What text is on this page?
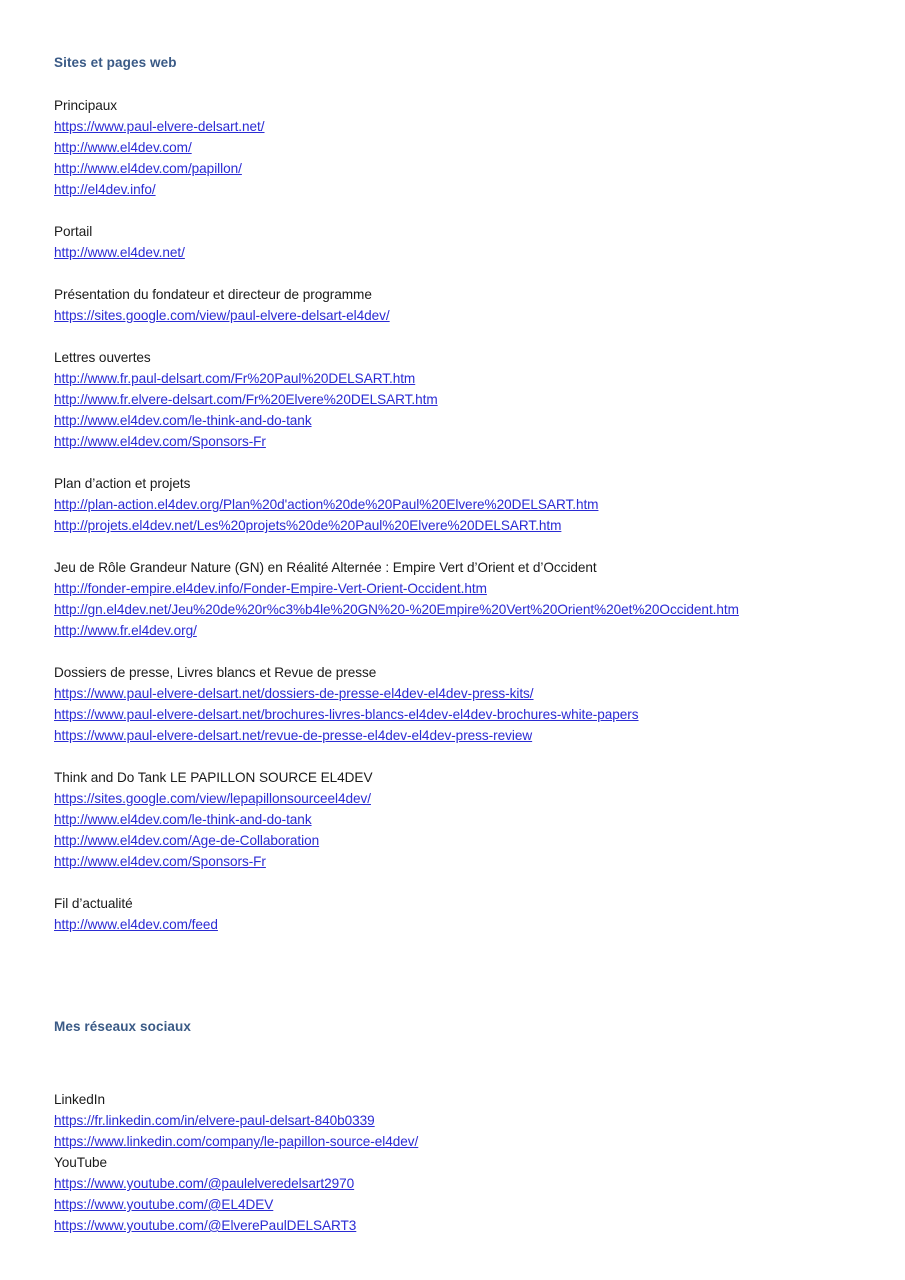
Sites et pages web
Principaux
https://www.paul-elvere-delsart.net/
http://www.el4dev.com/
http://www.el4dev.com/papillon/
http://el4dev.info/
Portail
http://www.el4dev.net/
Présentation du fondateur et directeur de programme
https://sites.google.com/view/paul-elvere-delsart-el4dev/
Lettres ouvertes
http://www.fr.paul-delsart.com/Fr%20Paul%20DELSART.htm
http://www.fr.elvere-delsart.com/Fr%20Elvere%20DELSART.htm
http://www.el4dev.com/le-think-and-do-tank
http://www.el4dev.com/Sponsors-Fr
Plan d’action et projets
http://plan-action.el4dev.org/Plan%20d'action%20de%20Paul%20Elvere%20DELSART.htm
http://projets.el4dev.net/Les%20projets%20de%20Paul%20Elvere%20DELSART.htm
Jeu de Rôle Grandeur Nature (GN) en Réalité Alternée : Empire Vert d’Orient et d’Occident
http://fonder-empire.el4dev.info/Fonder-Empire-Vert-Orient-Occident.htm
http://gn.el4dev.net/Jeu%20de%20r%c3%b4le%20GN%20-%20Empire%20Vert%20Orient%20et%20Occident.htm
http://www.fr.el4dev.org/
Dossiers de presse, Livres blancs et Revue de presse
https://www.paul-elvere-delsart.net/dossiers-de-presse-el4dev-el4dev-press-kits/
https://www.paul-elvere-delsart.net/brochures-livres-blancs-el4dev-el4dev-brochures-white-papers
https://www.paul-elvere-delsart.net/revue-de-presse-el4dev-el4dev-press-review
Think and Do Tank LE PAPILLON SOURCE EL4DEV
https://sites.google.com/view/lepapillonsourceel4dev/
http://www.el4dev.com/le-think-and-do-tank
http://www.el4dev.com/Age-de-Collaboration
http://www.el4dev.com/Sponsors-Fr
Fil d’actualité
http://www.el4dev.com/feed
Mes réseaux sociaux
LinkedIn
https://fr.linkedin.com/in/elvere-paul-delsart-840b0339
https://www.linkedin.com/company/le-papillon-source-el4dev/
YouTube
https://www.youtube.com/@paulelveredelsart2970
https://www.youtube.com/@EL4DEV
https://www.youtube.com/@ElverePaulDELSART3
